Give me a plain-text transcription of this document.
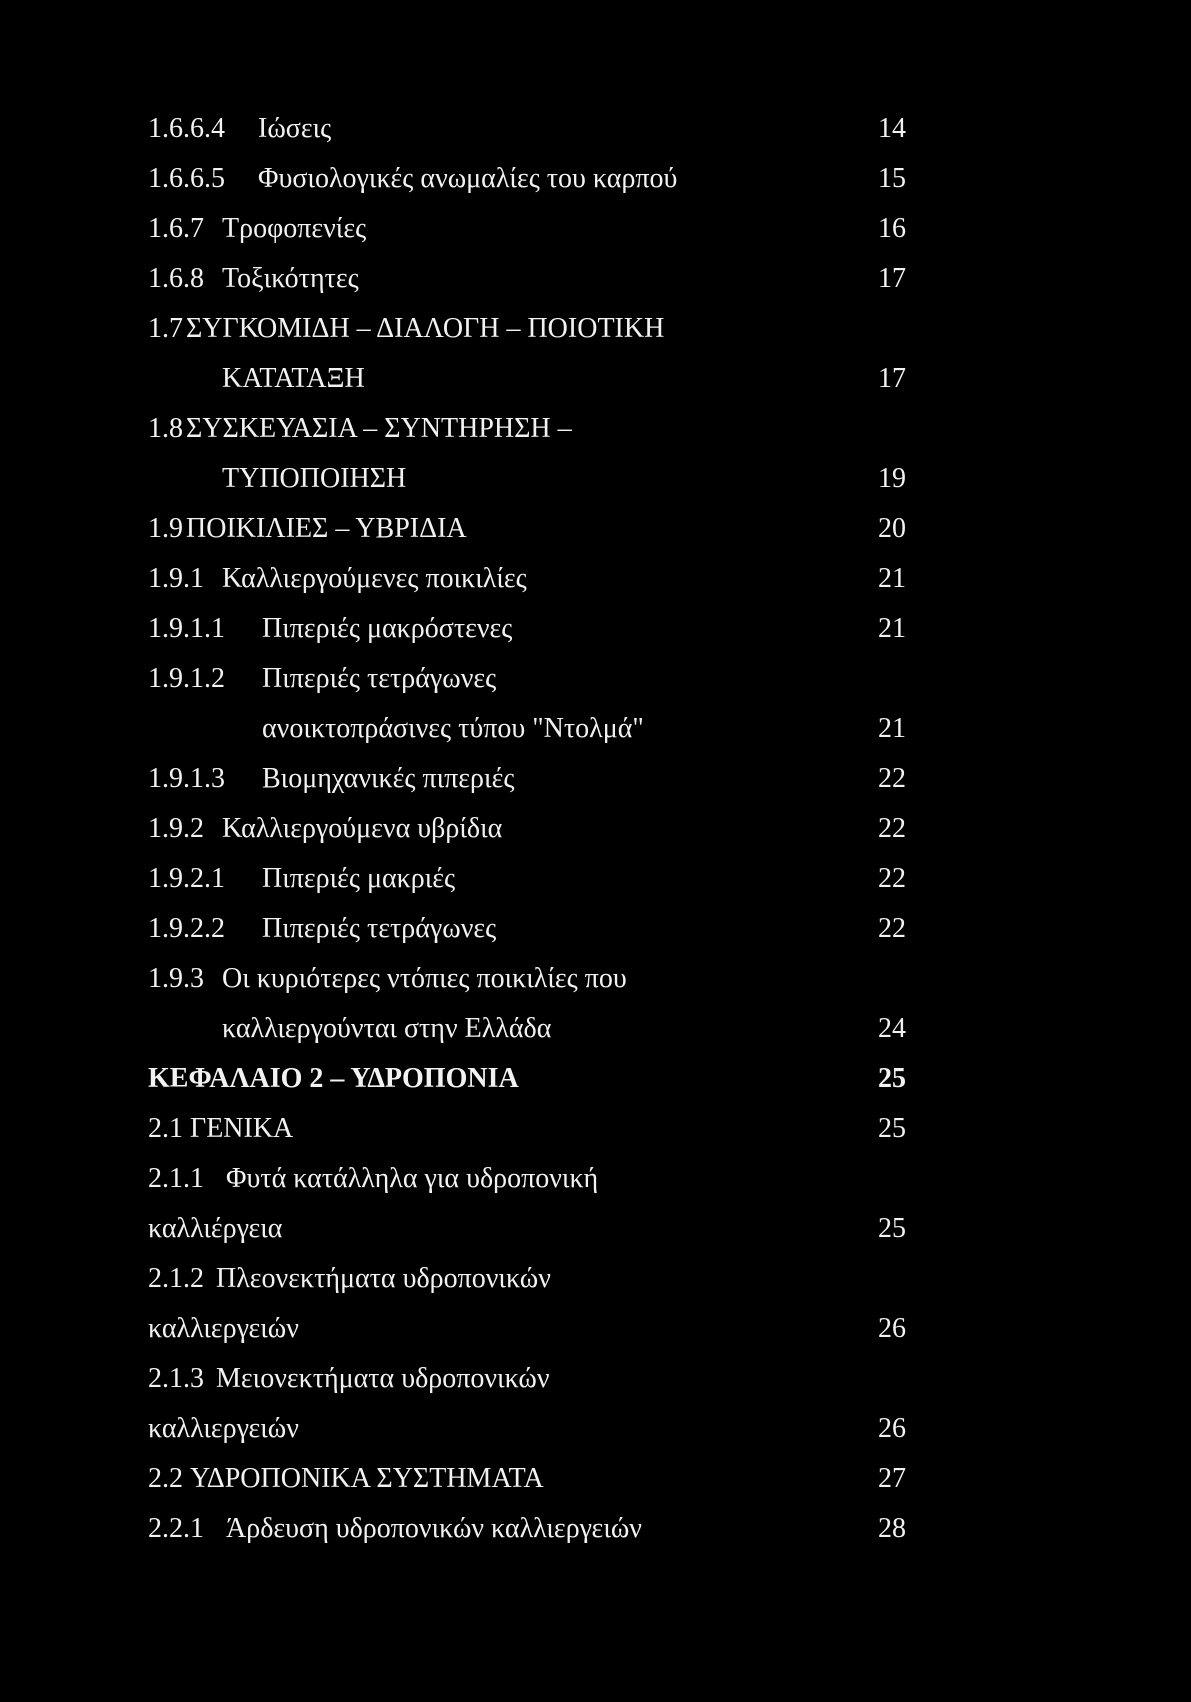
1.6.6.4 Ιώσεις	14
1.6.6.5 Φυσιολογικές ανωμαλίες του καρπού	15
1.6.7 Τροφοπενίες	16
1.6.8 Τοξικότητες	17
1.7 ΣΥΓΚΟΜΙΔΗ – ΔΙΑΛΟΓΗ – ΠΟΙΟΤΙΚΗ
ΚΑΤΑΤΑΞΗ	17
1.8 ΣΥΣΚΕΥΑΣΙΑ – ΣΥΝΤΗΡΗΣΗ –
ΤΥΠΟΠΟΙΗΣΗ	19
1.9 ΠΟΙΚΙΛΙΕΣ – ΥΒΡΙΔΙΑ	20
1.9.1 Καλλιεργούμενες ποικιλίες	21
1.9.1.1 Πιπεριές μακρόστενες	21
1.9.1.2 Πιπεριές τετράγωνες
ανοικτοπράσινες τύπου "Ντολμά"	21
1.9.1.3 Βιομηχανικές πιπεριές	22
1.9.2 Καλλιεργούμενα υβρίδια	22
1.9.2.1 Πιπεριές μακριές	22
1.9.2.2 Πιπεριές τετράγωνες	22
1.9.3 Οι κυριότερες ντόπιες ποικιλίες που
καλλιεργούνται στην Ελλάδα	24
ΚΕΦΑΛΑΙΟ 2 – ΥΔΡΟΠΟΝΙΑ	25
2.1 ΓΕΝΙΚΑ	25
2.1.1 Φυτά κατάλληλα για υδροπονική
καλλιέργεια	25
2.1.2 Πλεονεκτήματα υδροπονικών
καλλιεργειών	26
2.1.3 Μειονεκτήματα υδροπονικών
καλλιεργειών	26
2.2 ΥΔΡΟΠΟΝΙΚΑ ΣΥΣΤΗΜΑΤΑ	27
2.2.1 Άρδευση υδροπονικών καλλιεργειών	28
